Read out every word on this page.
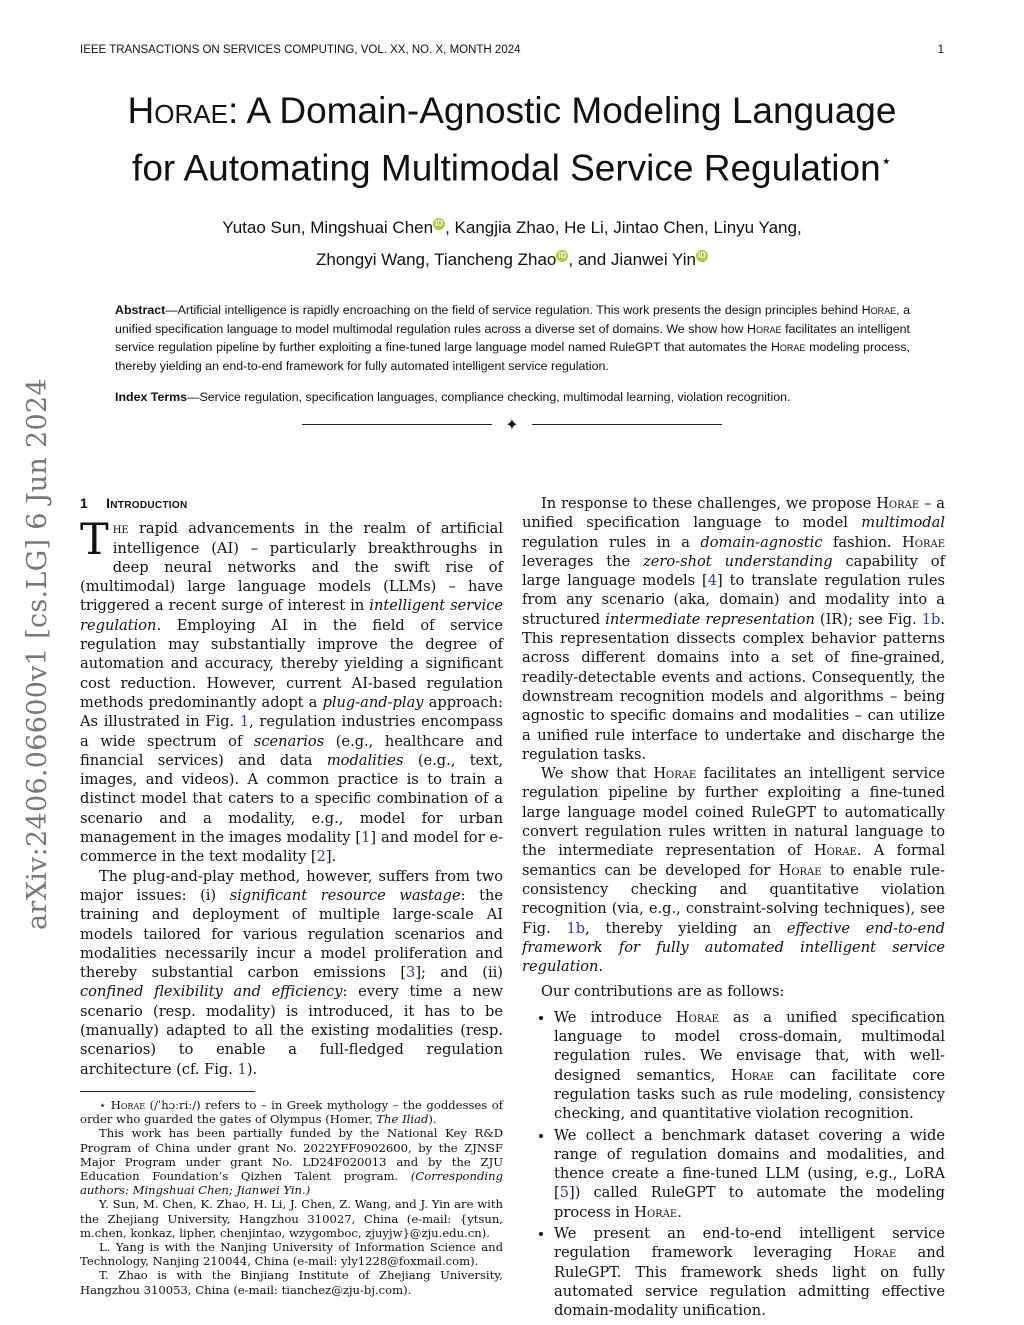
IEEE TRANSACTIONS ON SERVICES COMPUTING, VOL. XX, NO. X, MONTH 2024	1
Horae: A Domain-Agnostic Modeling Language
for Automating Multimodal Service Regulation⋆
Yutao Sun, Mingshuai Chen iD , Kangjia Zhao, He Li, Jintao Chen, Linyu Yang,
Zhongyi Wang, Tiancheng Zhao iD , and Jianwei Yin iD
Abstract—Artificial intelligence is rapidly encroaching on the field of service regulation. This work presents the design principles behind Horae, a unified specification language to model multimodal regulation rules across a diverse set of domains. We show how Horae facilitates an intelligent service regulation pipeline by further exploiting a fine-tuned large language model named RuleGPT that automates the Horae modeling process, thereby yielding an end-to-end framework for fully automated intelligent service regulation.
Index Terms—Service regulation, specification languages, compliance checking, multimodal learning, violation recognition.
✦
arXiv:2406.06600v1 [cs.LG] 6 Jun 2024 1 Introduction

The rapid advancements in the realm of artificial intelligence (AI) – particularly breakthroughs in deep neural networks and the swift rise of (multimodal) large language models (LLMs) – have triggered a recent surge of interest in intelligent service regulation. Employing AI in the field of service regulation may substantially improve the degree of automation and accuracy, thereby yielding a significant cost reduction. However, current AI-based regulation methods predominantly adopt a plug-and-play approach: As illustrated in Fig. 1, regulation industries encompass a wide spectrum of scenarios (e.g., healthcare and financial services) and data modalities (e.g., text, images, and videos). A common practice is to train a distinct model that caters to a specific combination of a scenario and a modality, e.g., model for urban management in the images modality [1] and model for e-commerce in the text modality [2].

The plug-and-play method, however, suffers from two major issues: (i) significant resource wastage: the training and deployment of multiple large-scale AI models tailored for various regulation scenarios and modalities necessarily incur a model proliferation and thereby substantial carbon emissions [3]; and (ii) confined flexibility and efficiency: every time a new scenario (resp. modality) is introduced, it has to be (manually) adapted to all the existing modalities (resp. scenarios) to enable a full-fledged regulation architecture (cf. Fig. 1).

⋆ Horae (/ˈhɔːriː/) refers to – in Greek mythology – the goddesses of order who guarded the gates of Olympus (Homer, The Iliad).

This work has been partially funded by the National Key R&D Program of China under grant No. 2022YFF0902600, by the ZJNSF Major Program under grant No. LD24F020013 and by the ZJU Education Foundation’s Qizhen Talent program. (Corresponding authors: Mingshuai Chen; Jianwei Yin.)

Y. Sun, M. Chen, K. Zhao, H. Li, J. Chen, Z. Wang, and J. Yin are with the Zhejiang University, Hangzhou 310027, China (e-mail: {ytsun, m.chen, konkaz, lipher, chenjintao, wzygomboc, zjuyjw}@zju.edu.cn).

L. Yang is with the Nanjing University of Information Science and Technology, Nanjing 210044, China (e-mail: yly1228@foxmail.com).

T. Zhao is with the Binjiang Institute of Zhejiang University, Hangzhou 310053, China (e-mail: tianchez@zju-bj.com).

In response to these challenges, we propose Horae – a unified specification language to model multimodal regulation rules in a domain-agnostic fashion. Horae leverages the zero-shot understanding capability of large language models [4] to translate regulation rules from any scenario (aka, domain) and modality into a structured intermediate representation (IR); see Fig. 1b. This representation dissects complex behavior patterns across different domains into a set of fine-grained, readily-detectable events and actions. Consequently, the downstream recognition models and algorithms – being agnostic to specific domains and modalities – can utilize a unified rule interface to undertake and discharge the regulation tasks.

We show that Horae facilitates an intelligent service regulation pipeline by further exploiting a fine-tuned large language model coined RuleGPT to automatically convert regulation rules written in natural language to the intermediate representation of Horae. A formal semantics can be developed for Horae to enable rule-consistency checking and quantitative violation recognition (via, e.g., constraint-solving techniques), see Fig. 1b, thereby yielding an effective end-to-end framework for fully automated intelligent service regulation.

Our contributions are as follows:

• We introduce Horae as a unified specification language to model cross-domain, multimodal regulation rules. We envisage that, with well-designed semantics, Horae can facilitate core regulation tasks such as rule modeling, consistency checking, and quantitative violation recognition.
• We collect a benchmark dataset covering a wide range of regulation domains and modalities, and thence create a fine-tuned LLM (using, e.g., LoRA [5]) called RuleGPT to automate the modeling process in Horae.
• We present an end-to-end intelligent service regulation framework leveraging Horae and RuleGPT. This framework sheds light on fully automated service regulation admitting effective domain-modality unification.
